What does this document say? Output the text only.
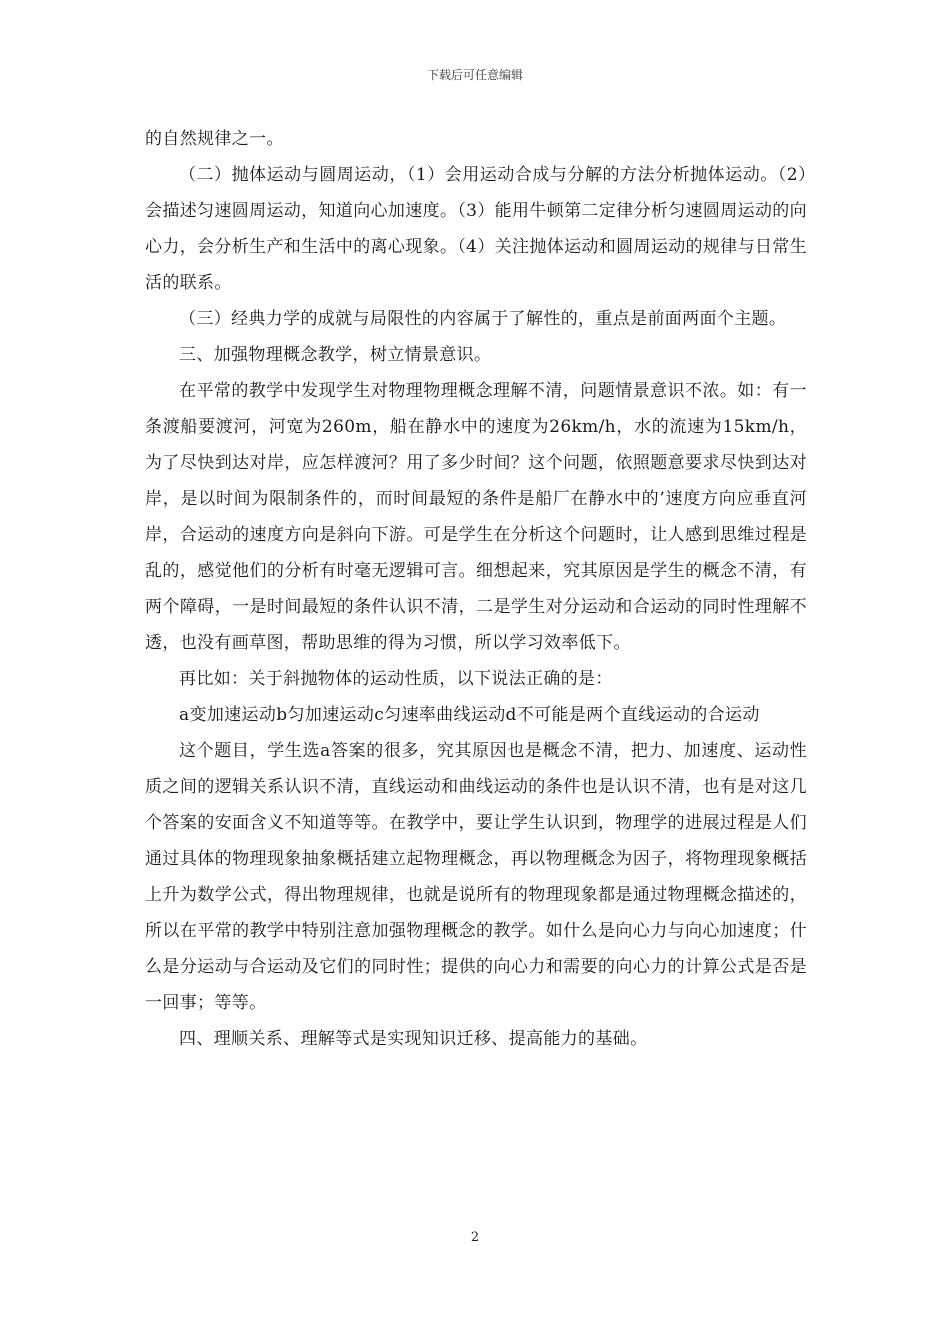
下载后可任意编辑

的自然规律之一。

（二）抛体运动与圆周运动，（1）会用运动合成与分解的方法分析抛体运动。（2）会描述匀速圆周运动，知道向心加速度。（3）能用牛顿第二定律分析匀速圆周运动的向心力，会分析生产和生活中的离心现象。（4）关注抛体运动和圆周运动的规律与日常生活的联系。

（三）经典力学的成就与局限性的内容属于了解性的，重点是前面两面个主题。

三、加强物理概念教学，树立情景意识。

在平常的教学中发现学生对物理物理概念理解不清，问题情景意识不浓。如：有一条渡船要渡河，河宽为260m，船在静水中的速度为26km/h，水的流速为15km/h，为了尽快到达对岸，应怎样渡河？用了多少时间？这个问题，依照题意要求尽快到达对岸，是以时间为限制条件的，而时间最短的条件是船厂在静水中的’速度方向应垂直河岸，合运动的速度方向是斜向下游。可是学生在分析这个问题时，让人感到思维过程是乱的，感觉他们的分析有时毫无逻辑可言。细想起来，究其原因是学生的概念不清，有两个障碍，一是时间最短的条件认识不清，二是学生对分运动和合运动的同时性理解不透，也没有画草图，帮助思维的得为习惯，所以学习效率低下。

再比如：关于斜抛物体的运动性质，以下说法正确的是：

a变加速运动b匀加速运动c匀速率曲线运动d不可能是两个直线运动的合运动

这个题目，学生选a答案的很多，究其原因也是概念不清，把力、加速度、运动性质之间的逻辑关系认识不清，直线运动和曲线运动的条件也是认识不清，也有是对这几个答案的安面含义不知道等等。在教学中，要让学生认识到，物理学的进展过程是人们通过具体的物理现象抽象概括建立起物理概念，再以物理概念为因子，将物理现象概括上升为数学公式，得出物理规律，也就是说所有的物理现象都是通过物理概念描述的，所以在平常的教学中特别注意加强物理概念的教学。如什么是向心力与向心加速度；什么是分运动与合运动及它们的同时性；提供的向心力和需要的向心力的计算公式是否是一回事；等等。

四、理顺关系、理解等式是实现知识迁移、提高能力的基础。

2
